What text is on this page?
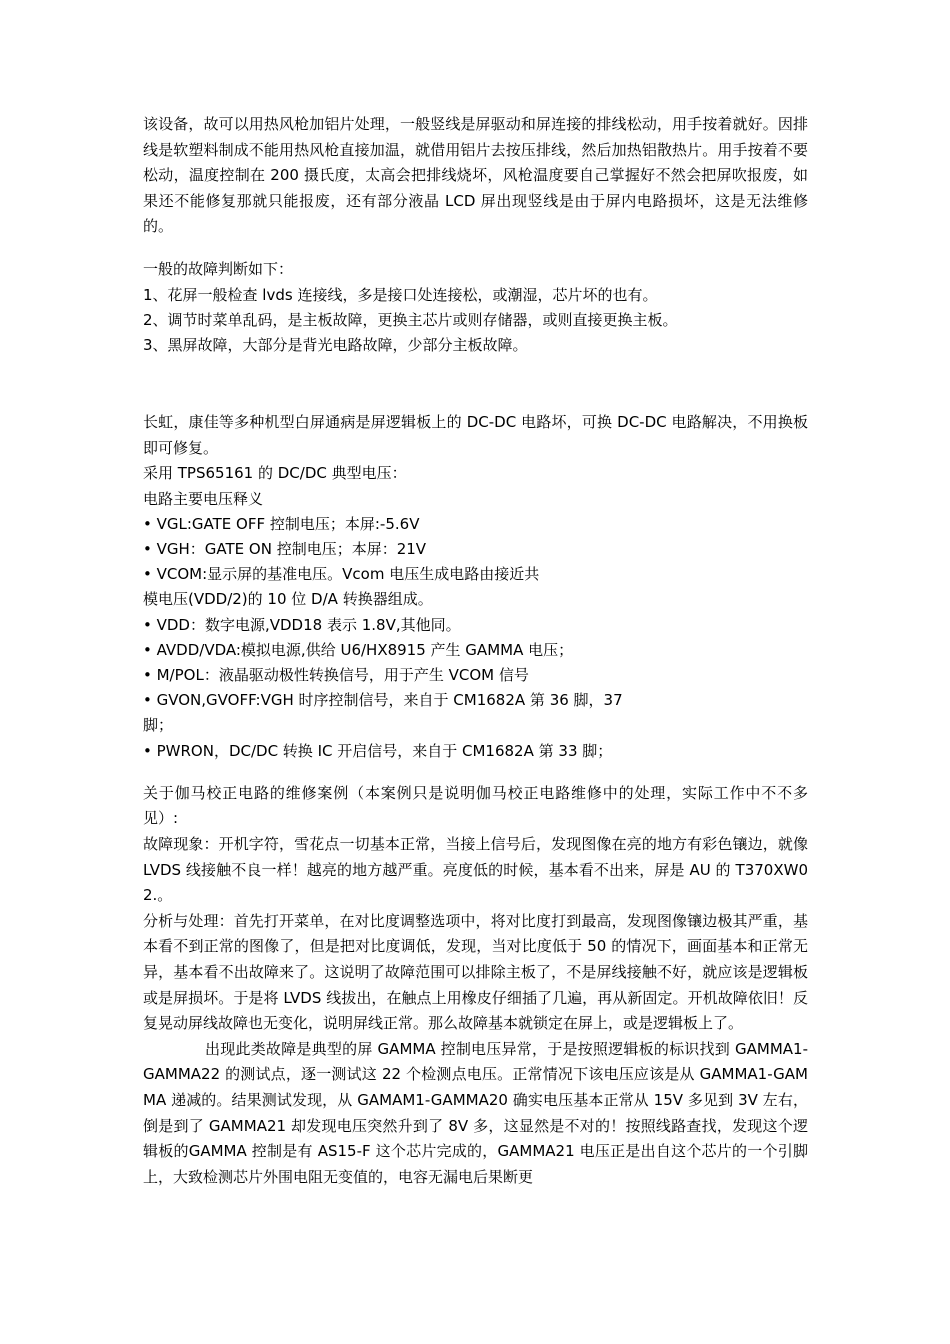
该设备，故可以用热风枪加铝片处理，一般竖线是屏驱动和屏连接的排线松动，用手按着就好。因排线是软塑料制成不能用热风枪直接加温，就借用铝片去按压排线，然后加热铝散热片。用手按着不要松动，温度控制在 200 摄氏度，太高会把排线烧坏，风枪温度要自己掌握好不然会把屏吹报废，如果还不能修复那就只能报废，还有部分液晶 LCD 屏出现竖线是由于屏内电路损坏，这是无法维修的。

一般的故障判断如下：

1、花屏一般检查 lvds 连接线，多是接口处连接松，或潮湿，芯片坏的也有。

2、调节时菜单乱码，是主板故障，更换主芯片或则存储器，或则直接更换主板。

3、黑屏故障，大部分是背光电路故障，少部分主板故障。

长虹，康佳等多种机型白屏通病是屏逻辑板上的 DC-DC 电路坏，可换 DC-DC 电路解决，不用换板即可修复。

采用 TPS65161 的 DC/DC 典型电压：

电路主要电压释义

• VGL:GATE OFF 控制电压；本屏:-5.6V

• VGH：GATE ON 控制电压；本屏：21V

• VCOM:显示屏的基准电压。Vcom 电压生成电路由接近共

模电压(VDD/2)的 10 位 D/A 转换器组成。

• VDD：数字电源,VDD18 表示 1.8V,其他同。

• AVDD/VDA:模拟电源,供给 U6/HX8915 产生 GAMMA 电压；

• M/POL：液晶驱动极性转换信号，用于产生 VCOM 信号

• GVON,GVOFF:VGH 时序控制信号，来自于 CM1682A 第 36 脚，37

脚；

• PWRON，DC/DC 转换 IC 开启信号，来自于 CM1682A 第 33 脚；

关于伽马校正电路的维修案例（本案例只是说明伽马校正电路维修中的处理，实际工作中不不多见）:

故障现象：开机字符，雪花点一切基本正常，当接上信号后，发现图像在亮的地方有彩色镶边，就像 LVDS 线接触不良一样！越亮的地方越严重。亮度低的时候，基本看不出来，屏是 AU 的 T370XW02.。

分析与处理：首先打开菜单，在对比度调整选项中，将对比度打到最高，发现图像镶边极其严重，基本看不到正常的图像了，但是把对比度调低，发现，当对比度低于 50 的情况下，画面基本和正常无异，基本看不出故障来了。这说明了故障范围可以排除主板了，不是屏线接触不好，就应该是逻辑板或是屏损坏。于是将 LVDS 线拔出，在触点上用橡皮仔细插了几遍，再从新固定。开机故障依旧！反复晃动屏线故障也无变化，说明屏线正常。那么故障基本就锁定在屏上，或是逻辑板上了。

出现此类故障是典型的屏 GAMMA 控制电压异常，于是按照逻辑板的标识找到 GAMMA1-GAMMA22 的测试点，逐一测试这 22 个检测点电压。正常情况下该电压应该是从 GAMMA1-GAMMA 递减的。结果测试发现，从 GAMAM1-GAMMA20 确实电压基本正常从 15V 多见到 3V 左右，倒是到了 GAMMA21 却发现电压突然升到了 8V 多，这显然是不对的！按照线路查找，发现这个逻辑板的GAMMA 控制是有 AS15-F 这个芯片完成的，GAMMA21 电压正是出自这个芯片的一个引脚上，大致检测芯片外围电阻无变值的，电容无漏电后果断更
